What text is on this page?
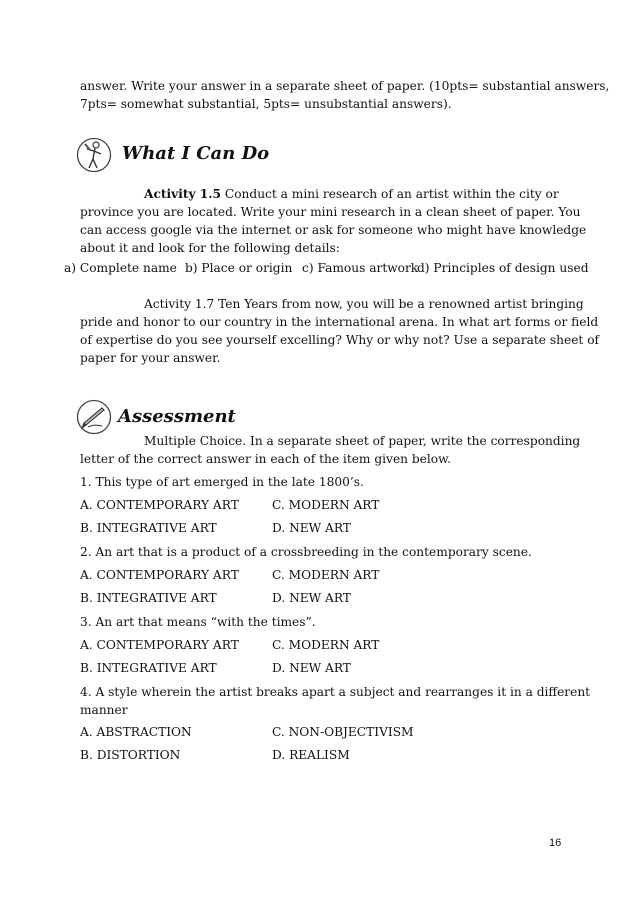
answer. Write your answer in a separate sheet of paper. (10pts= substantial answers,
7pts= somewhat substantial, 5pts= unsubstantial answers).
What I Can Do
Activity 1.5 Conduct a mini research of an artist within the city or
province you are located. Write your mini research in a clean sheet of paper. You
can access google via the internet or ask for someone who might have knowledge
about it and look for the following details:
a) Complete name b) Place or origin c) Famous artwork
d) Principles of design used
Activity 1.7 Ten Years from now, you will be a renowned artist bringing
pride and honor to our country in the international arena. In what art forms or field
of expertise do you see yourself excelling? Why or why not? Use a separate sheet of
paper for your answer.
Assessment
Multiple Choice. In a separate sheet of paper, write the corresponding
letter of the correct answer in each of the item given below.
1. This type of art emerged in the late 1800’s.
A. CONTEMPORARY ART	C. MODERN ART
B. INTEGRATIVE ART	D. NEW ART
2. An art that is a product of a crossbreeding in the contemporary scene.
A. CONTEMPORARY ART	C. MODERN ART
B. INTEGRATIVE ART	D. NEW ART
3. An art that means “with the times”.
A. CONTEMPORARY ART	C. MODERN ART
B. INTEGRATIVE ART	D. NEW ART
4. A style wherein the artist breaks apart a subject and rearranges it in a different
manner
A. ABSTRACTION	C. NON-OBJECTIVISM
B. DISTORTION	D. REALISM
16
